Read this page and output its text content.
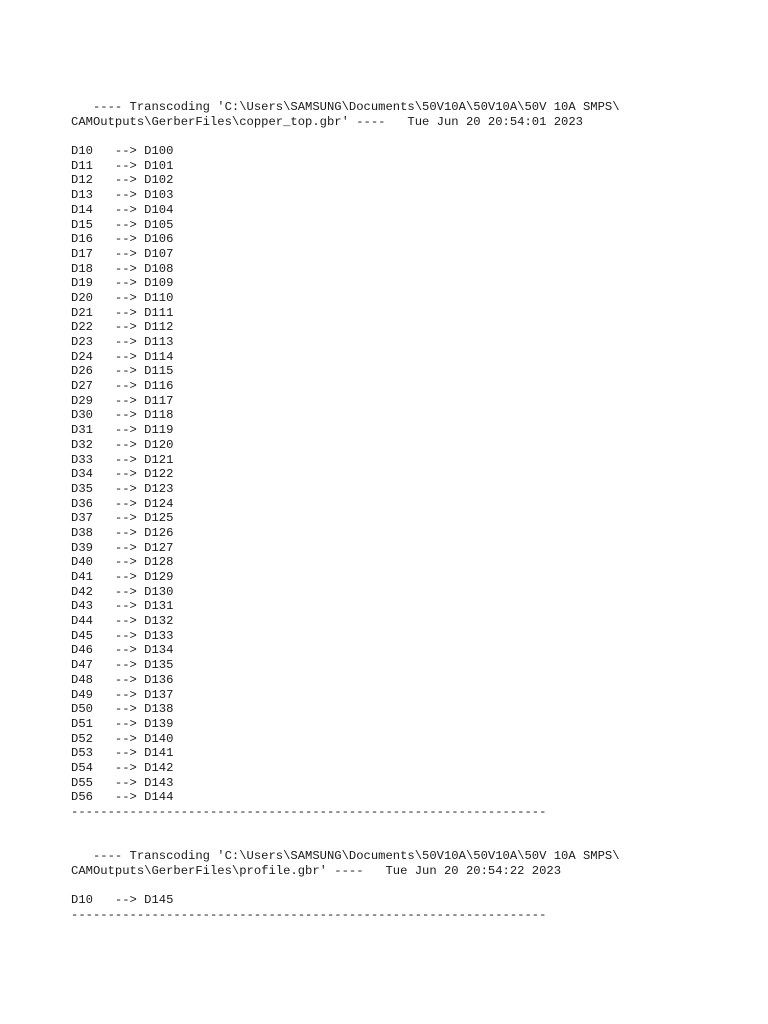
---- Transcoding 'C:\Users\SAMSUNG\Documents\50V10A\50V10A\50V 10A SMPS\
CAMOutputs\GerberFiles\copper_top.gbr' ----   Tue Jun 20 20:54:01 2023
D10   --> D100
D11   --> D101
D12   --> D102
D13   --> D103
D14   --> D104
D15   --> D105
D16   --> D106
D17   --> D107
D18   --> D108
D19   --> D109
D20   --> D110
D21   --> D111
D22   --> D112
D23   --> D113
D24   --> D114
D26   --> D115
D27   --> D116
D29   --> D117
D30   --> D118
D31   --> D119
D32   --> D120
D33   --> D121
D34   --> D122
D35   --> D123
D36   --> D124
D37   --> D125
D38   --> D126
D39   --> D127
D40   --> D128
D41   --> D129
D42   --> D130
D43   --> D131
D44   --> D132
D45   --> D133
D46   --> D134
D47   --> D135
D48   --> D136
D49   --> D137
D50   --> D138
D51   --> D139
D52   --> D140
D53   --> D141
D54   --> D142
D55   --> D143
D56   --> D144
-----------------------------------------------------------------
---- Transcoding 'C:\Users\SAMSUNG\Documents\50V10A\50V10A\50V 10A SMPS\
CAMOutputs\GerberFiles\profile.gbr' ----   Tue Jun 20 20:54:22 2023
D10   --> D145
-----------------------------------------------------------------
